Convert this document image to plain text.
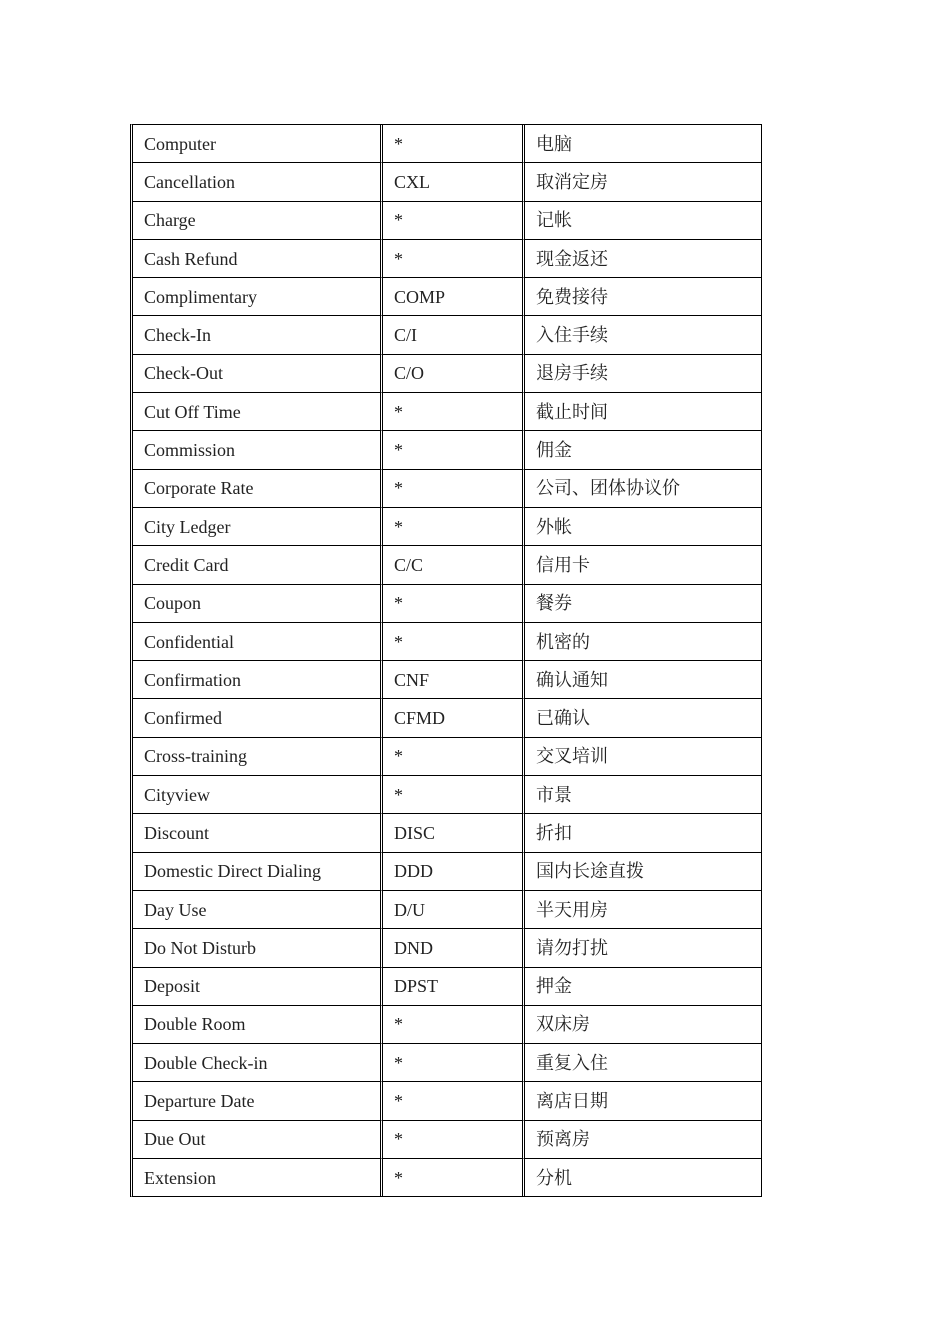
Computer	*	电脑
Cancellation	CXL	取消定房
Charge	*	记帐
Cash Refund	*	现金返还
Complimentary	COMP	免费接待
Check-In	C/I	入住手续
Check-Out	C/O	退房手续
Cut Off Time	*	截止时间
Commission	*	佣金
Corporate Rate	*	公司、团体协议价
City Ledger	*	外帐
Credit Card	C/C	信用卡
Coupon	*	餐券
Confidential	*	机密的
Confirmation	CNF	确认通知
Confirmed	CFMD	已确认
Cross-training	*	交叉培训
Cityview	*	市景
Discount	DISC	折扣
Domestic Direct Dialing	DDD	国内长途直拨
Day Use	D/U	半天用房
Do Not Disturb	DND	请勿打扰
Deposit	DPST	押金
Double Room	*	双床房
Double Check-in	*	重复入住
Departure Date	*	离店日期
Due Out	*	预离房
Extension	*	分机
